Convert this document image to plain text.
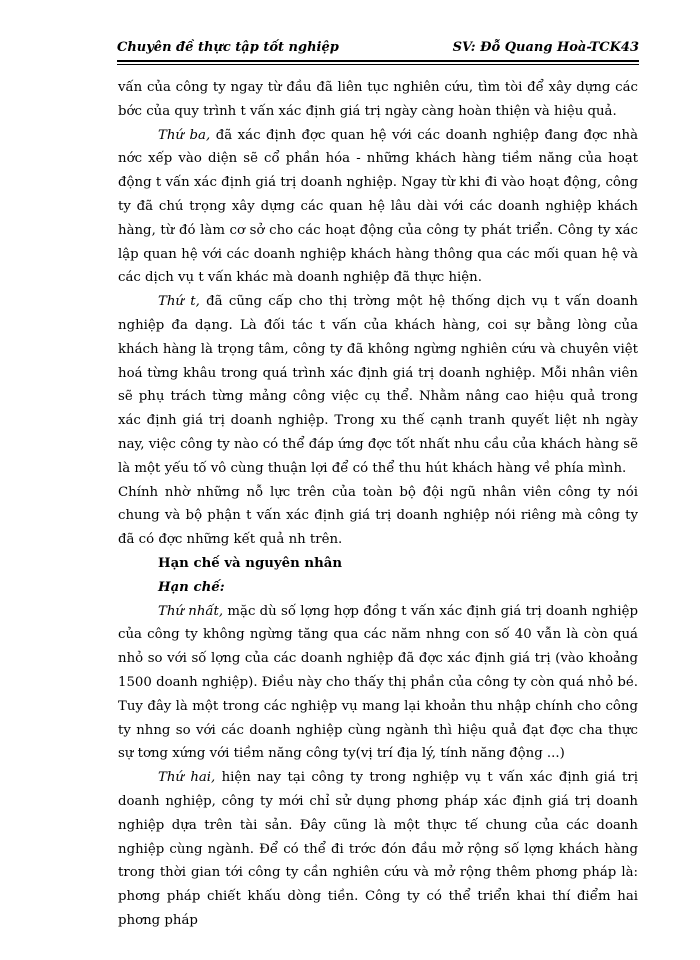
Chuyên đề thực tập tốt nghiệp	SV: Đỗ Quang Hoà-TCK43

vấn của công ty ngay từ đầu đã liên tục nghiên cứu, tìm tòi để xây dựng các bớc của quy trình t vấn xác định giá trị ngày càng hoàn thiện và hiệu quả.

Thứ ba, đã xác định đợc quan hệ với các doanh nghiệp đang đợc nhà nớc xếp vào diện sẽ cổ phần hóa - những khách hàng tiềm năng của hoạt động t vấn xác định giá trị doanh nghiệp. Ngay từ khi đi vào hoạt động, công ty đã chú trọng xây dựng các quan hệ lâu dài với các doanh nghiệp khách hàng, từ đó làm cơ sở cho các hoạt động của công ty phát triển. Công ty xác lập quan hệ với các doanh nghiệp khách hàng thông qua các mối quan hệ và các dịch vụ t vấn khác mà doanh nghiệp đã thực hiện.

Thứ t, đã cũng cấp cho thị trờng một hệ thống dịch vụ t vấn doanh nghiệp đa dạng. Là đối tác t vấn của khách hàng, coi sự bằng lòng của khách hàng là trọng tâm, công ty đã không ngừng nghiên cứu và chuyên việt hoá từng khâu trong quá trình xác định giá trị doanh nghiệp. Mỗi nhân viên sẽ phụ trách từng mảng công việc cụ thể. Nhằm nâng cao hiệu quả trong xác định giá trị doanh nghiệp. Trong xu thế cạnh tranh quyết liệt nh ngày nay, việc công ty nào có thể đáp ứng đợc tốt nhất nhu cầu của khách hàng sẽ là một yếu tố vô cùng thuận lợi để có thể thu hút khách hàng về phía mình.

Chính nhờ những nỗ lực trên của toàn bộ đội ngũ nhân viên công ty nói chung và bộ phận t vấn xác định giá trị doanh nghiệp nói riêng mà công ty đã có đợc những kết quả nh trên.

Hạn chế và nguyên nhân

Hạn chế:

Thứ nhất, mặc dù số lợng hợp đồng t vấn xác định giá trị doanh nghiệp của công ty không ngừng tăng qua các năm nhng con số 40 vẫn là còn quá nhỏ so với số lợng của các doanh nghiệp đã đợc xác định giá trị (vào khoảng 1500 doanh nghiệp). Điều này cho thấy thị phần của công ty còn quá nhỏ bé. Tuy đây là một trong các nghiệp vụ mang lại khoản thu nhập chính cho công ty nhng so với các doanh nghiệp cùng ngành thì hiệu quả đạt đợc cha thực sự tơng xứng với tiềm năng công ty(vị trí địa lý, tính năng động ...)

Thứ hai, hiện nay tại công ty trong nghiệp vụ t vấn xác định giá trị doanh nghiệp, công ty mới chỉ sử dụng phơng pháp xác định giá trị doanh nghiệp dựa trên tài sản. Đây cũng là một thực tế chung của các doanh nghiệp cùng ngành. Để có thể đi trớc đón đầu mở rộng số lợng khách hàng trong thời gian tới công ty cần nghiên cứu và mở rộng thêm phơng pháp là: phơng pháp chiết khấu dòng tiền. Công ty có thể triển khai thí điểm hai phơng pháp
